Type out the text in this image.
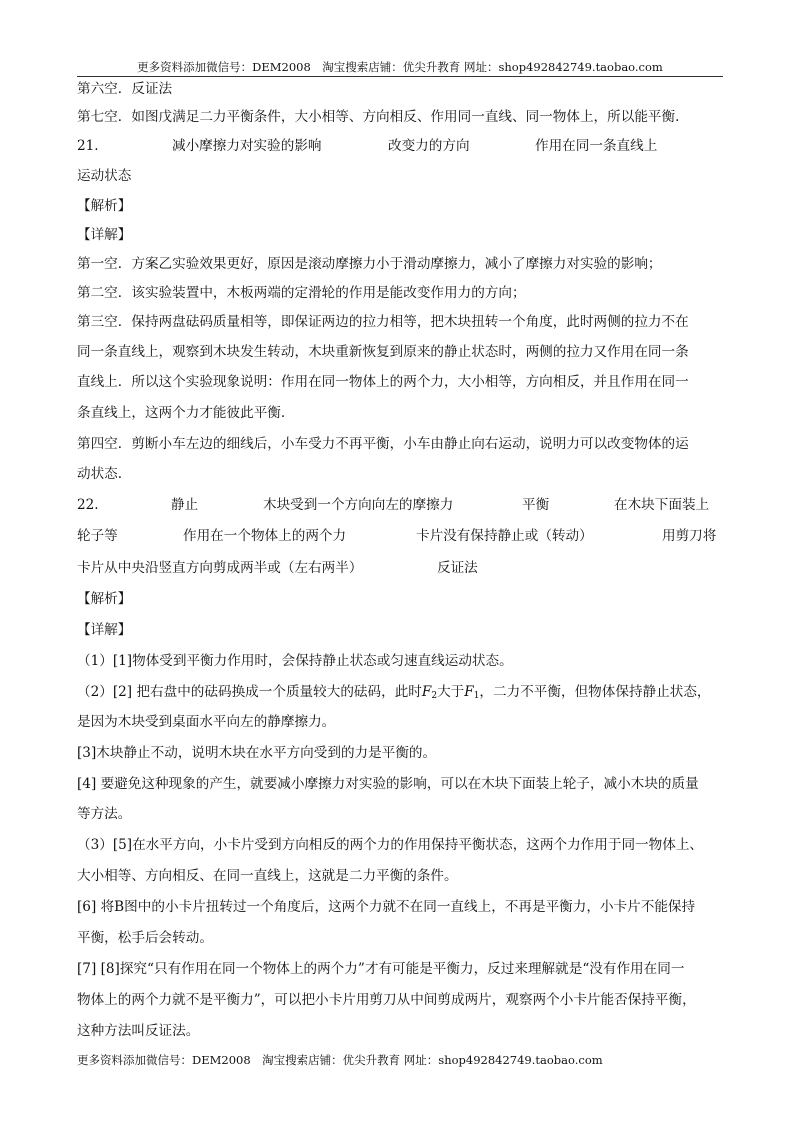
更多资料添加微信号：DEM2008　淘宝搜索店铺：优尖升教育 网址：shop492842749.taobao.com
第六空．反证法
第七空．如图戊满足二力平衡条件，大小相等、方向相反、作用同一直线、同一物体上，所以能平衡.
21.	减小摩擦力对实验的影响	改变力的方向	作用在同一条直线上
运动状态
【解析】
【详解】
第一空．方案乙实验效果更好，原因是滚动摩擦力小于滑动摩擦力，减小了摩擦力对实验的影响；
第二空．该实验装置中，木板两端的定滑轮的作用是能改变作用力的方向；
第三空．保持两盘砝码质量相等，即保证两边的拉力相等，把木块扭转一个角度，此时两侧的拉力不在
同一条直线上，观察到木块发生转动，木块重新恢复到原来的静止状态时，两侧的拉力又作用在同一条
直线上．所以这个实验现象说明：作用在同一物体上的两个力，大小相等，方向相反，并且作用在同一
条直线上，这两个力才能彼此平衡.
第四空．剪断小车左边的细线后，小车受力不再平衡，小车由静止向右运动，说明力可以改变物体的运
动状态.
22.	静止	木块受到一个方向向左的摩擦力	平衡	在木块下面装上
轮子等	作用在一个物体上的两个力	卡片没有保持静止或（转动）	用剪刀将
卡片从中央沿竖直方向剪成两半或（左右两半）	反证法
【解析】
【详解】
（1）[1]物体受到平衡力作用时，会保持静止状态或匀速直线运动状态。
（2）[2] 把右盘中的砝码换成一个质量较大的砝码，此时$F_2$大于$F_1$，二力不平衡，但物体保持静止状态，
是因为木块受到桌面水平向左的静摩擦力。
[3]木块静止不动，说明木块在水平方向受到的力是平衡的。
[4] 要避免这种现象的产生，就要减小摩擦力对实验的影响，可以在木块下面装上轮子，减小木块的质量
等方法。
（3）[5]在水平方向，小卡片受到方向相反的两个力的作用保持平衡状态，这两个力作用于同一物体上、
大小相等、方向相反、在同一直线上，这就是二力平衡的条件。
[6] 将B图中的小卡片扭转过一个角度后，这两个力就不在同一直线上，不再是平衡力，小卡片不能保持
平衡，松手后会转动。
[7] [8]探究“只有作用在同一个物体上的两个力”才有可能是平衡力，反过来理解就是“没有作用在同一
物体上的两个力就不是平衡力”，可以把小卡片用剪刀从中间剪成两片，观察两个小卡片能否保持平衡，
这种方法叫反证法。
更多资料添加微信号：DEM2008　淘宝搜索店铺：优尖升教育 网址：shop492842749.taobao.com
